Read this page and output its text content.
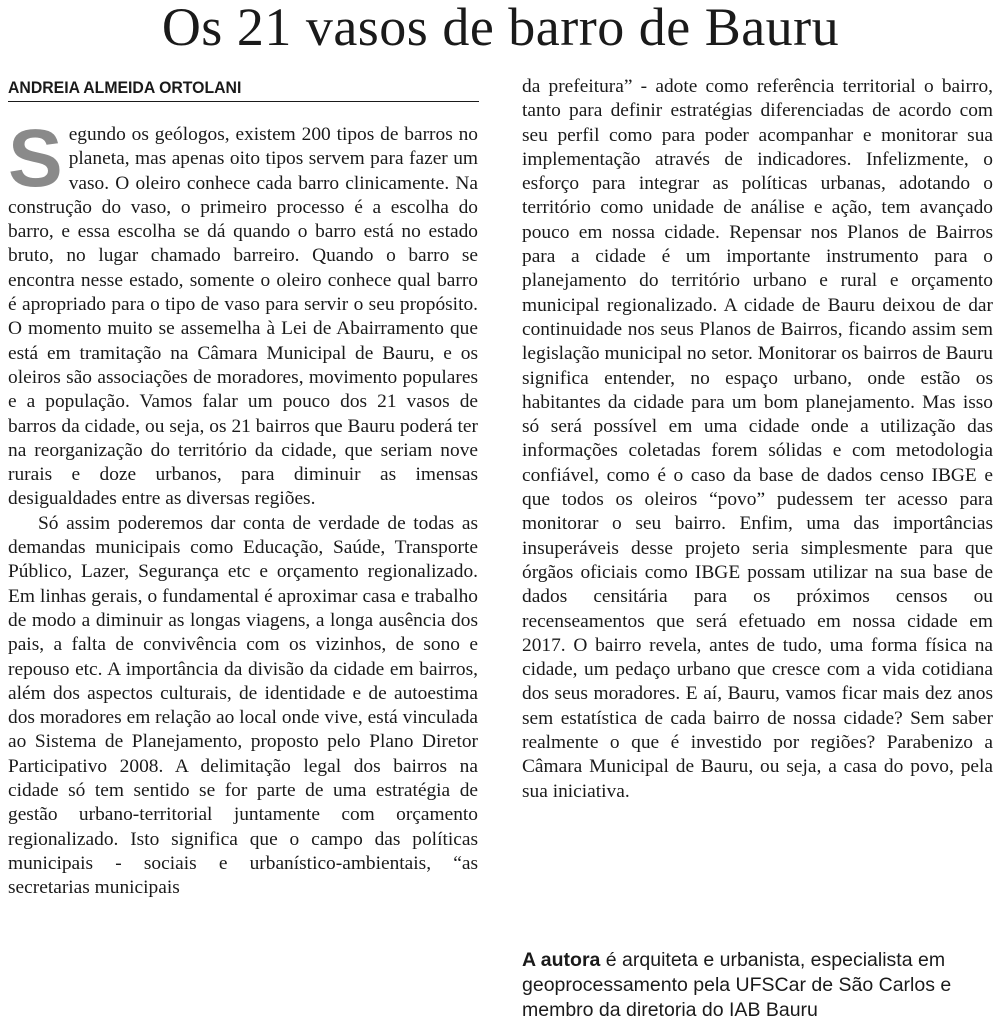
Os 21 vasos de barro de Bauru
ANDREIA ALMEIDA ORTOLANI

Segundo os geólogos, existem 200 tipos de barros no planeta, mas apenas oito tipos servem para fazer um vaso. O oleiro conhece cada barro clinicamente. Na construção do vaso, o primeiro processo é a escolha do barro, e essa escolha se dá quando o barro está no estado bruto, no lugar chamado barreiro. Quando o barro se encontra nesse estado, somente o oleiro conhece qual barro é apropriado para o tipo de vaso para servir o seu propósito. O momento muito se assemelha à Lei de Abairramento que está em tramitação na Câmara Municipal de Bauru, e os oleiros são associações de moradores, movimento populares e a população. Vamos falar um pouco dos 21 vasos de barros da cidade, ou seja, os 21 bairros que Bauru poderá ter na reorganização do território da cidade, que seriam nove rurais e doze urbanos, para diminuir as imensas desigualdades entre as diversas regiões.

Só assim poderemos dar conta de verdade de todas as demandas municipais como Educação, Saúde, Transporte Público, Lazer, Segurança etc e orçamento regionalizado. Em linhas gerais, o fundamental é aproximar casa e trabalho de modo a diminuir as longas viagens, a longa ausência dos pais, a falta de convivência com os vizinhos, de sono e repouso etc. A importância da divisão da cidade em bairros, além dos aspectos culturais, de identidade e de autoestima dos moradores em relação ao local onde vive, está vinculada ao Sistema de Planejamento, proposto pelo Plano Diretor Participativo 2008. A delimitação legal dos bairros na cidade só tem sentido se for parte de uma estratégia de gestão urbano-territorial juntamente com orçamento regionalizado. Isto significa que o campo das políticas municipais - sociais e urbanístico-ambientais, “as secretarias municipais

da prefeitura” - adote como referência territorial o bairro, tanto para definir estratégias diferenciadas de acordo com seu perfil como para poder acompanhar e monitorar sua implementação através de indicadores. Infelizmente, o esforço para integrar as políticas urbanas, adotando o território como unidade de análise e ação, tem avançado pouco em nossa cidade. Repensar nos Planos de Bairros para a cidade é um importante instrumento para o planejamento do território urbano e rural e orçamento municipal regionalizado. A cidade de Bauru deixou de dar continuidade nos seus Planos de Bairros, ficando assim sem legislação municipal no setor. Monitorar os bairros de Bauru significa entender, no espaço urbano, onde estão os habitantes da cidade para um bom planejamento. Mas isso só será possível em uma cidade onde a utilização das informações coletadas forem sólidas e com metodologia confiável, como é o caso da base de dados censo IBGE e que todos os oleiros “povo” pudessem ter acesso para monitorar o seu bairro. Enfim, uma das importâncias insuperáveis desse projeto seria simplesmente para que órgãos oficiais como IBGE possam utilizar na sua base de dados censitária para os próximos censos ou recenseamentos que será efetuado em nossa cidade em 2017. O bairro revela, antes de tudo, uma forma física na cidade, um pedaço urbano que cresce com a vida cotidiana dos seus moradores. E aí, Bauru, vamos ficar mais dez anos sem estatística de cada bairro de nossa cidade? Sem saber realmente o que é investido por regiões? Parabenizo a Câmara Municipal de Bauru, ou seja, a casa do povo, pela sua iniciativa.

A autora é arquiteta e urbanista, especialista em geoprocessamento pela UFSCar de São Carlos e membro da diretoria do IAB Bauru
